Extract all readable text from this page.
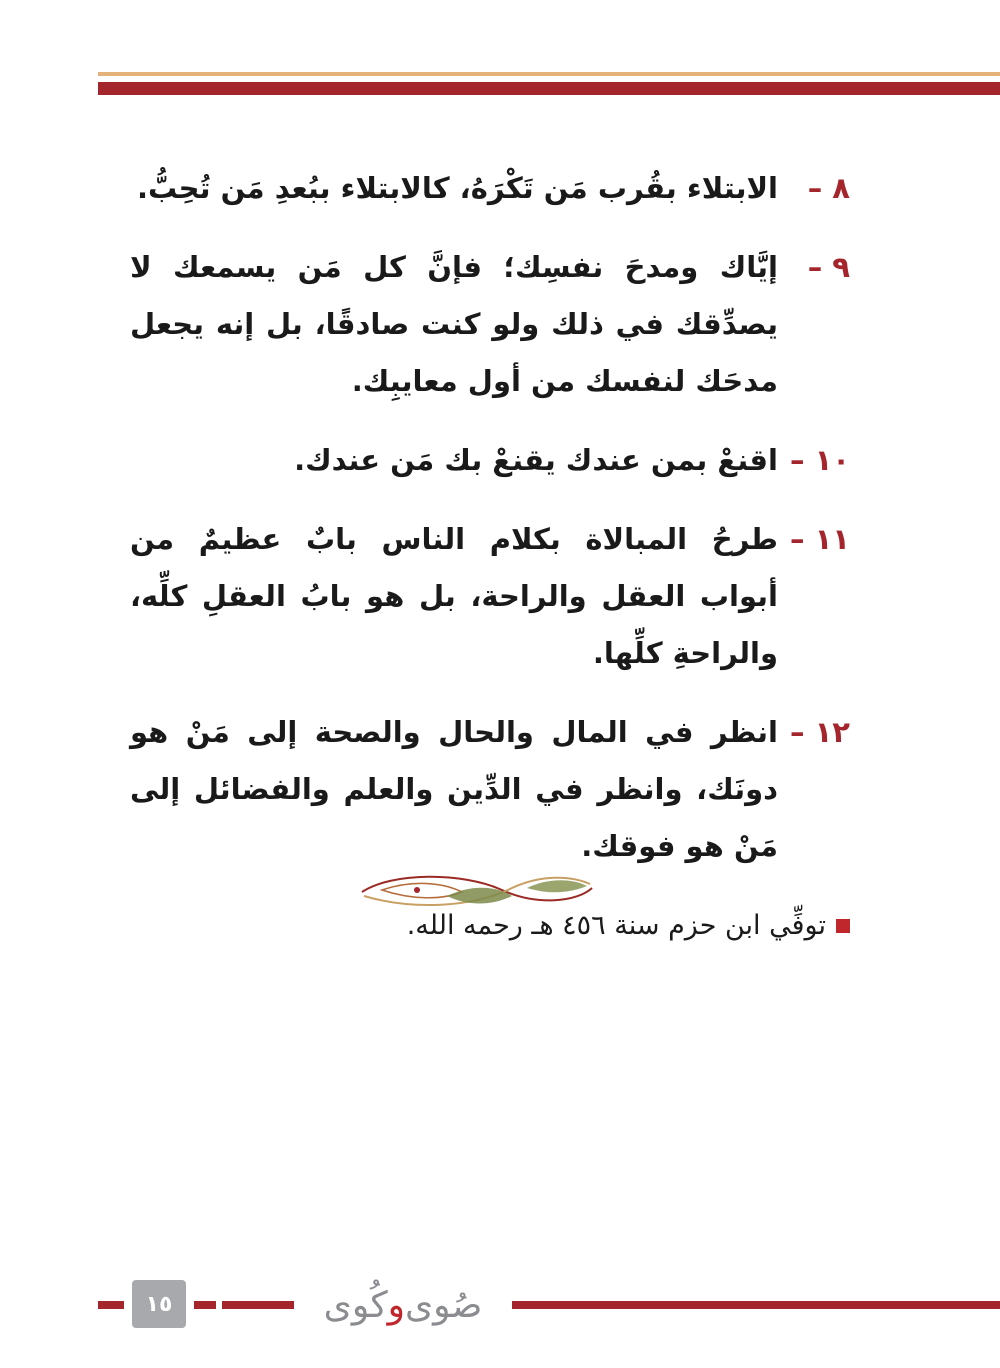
٨ –
الابتلاء بقُرب مَن تَكْرَهُ، كالابتلاء ببُعدِ مَن تُحِبُّ.
٩ –
إيَّاك ومدحَ نفسِك؛ فإنَّ كل مَن يسمعك لا يصدِّقك في ذلك ولو كنت صادقًا، بل إنه يجعل مدحَك لنفسك من أول معايبِك.
١٠ –
اقنعْ بمن عندك يقنعْ بك مَن عندك.
١١ –
طرحُ المبالاة بكلام الناس بابٌ عظيمٌ من أبواب العقل والراحة، بل هو بابُ العقلِ كلِّه، والراحةِ كلِّها.
١٢ –
انظر في المال والحال والصحة إلى مَنْ هو دونَك، وانظر في الدِّين والعلم والفضائل إلى مَنْ هو فوقك.
توفِّي ابن حزم سنة ٤٥٦ هـ رحمه الله.
١٥	صُوى
و
كُوى
